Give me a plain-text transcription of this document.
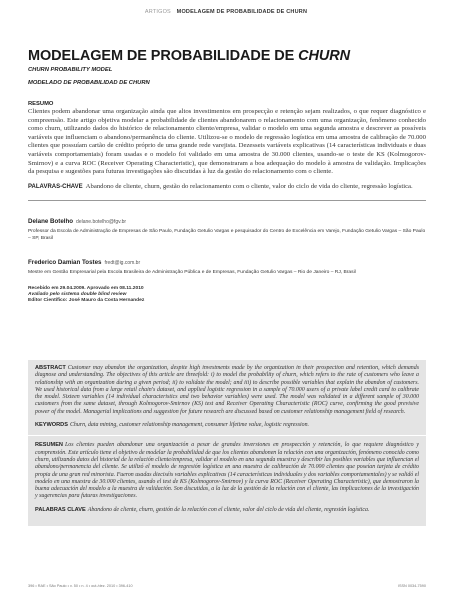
ARTIGOS MODELAGEM DE PROBABILIDADE DE CHURN
MODELAGEM DE PROBABILIDADE DE CHURN

CHURN PROBABILITY MODEL

MODELADO DE PROBABILIDAD DE CHURN

RESUMO
Clientes podem abandonar uma organização ainda que altos investimentos em prospecção e retenção sejam realizados, o que requer diagnóstico e compreensão. Este artigo objetiva modelar a probabilidade de clientes abandonarem o relacionamento com uma organização, fenômeno conhecido como churn, utilizando dados do histórico de relacionamento cliente/empresa, validar o modelo em uma segunda amostra e descrever as possíveis variáveis que influenciam o abandono/permanência do cliente. Utilizou-se o modelo de regressão logística em uma amostra de calibração de 70.000 clientes que possuíam cartão de crédito próprio de uma grande rede varejista. Dezesseis variáveis explicativas (14 características individuais e duas variáveis comportamentais) foram usadas e o modelo foi validado em uma amostra de 30.000 clientes, usando-se o teste de KS (Kolmogorov-Smirnov) e a curva ROC (Receiver Operating Characteristic), que demonstraram a boa adequação do modelo à amostra de validação. Implicações da pesquisa e sugestões para futuras investigações são discutidas à luz da gestão do relacionamento com o cliente.
PALAVRAS-CHAVE Abandono de cliente, churn, gestão do relacionamento com o cliente, valor do ciclo de vida do cliente, regressão logística.
Delane Botelho delane.botelho@fgv.br
Professor da Escola de Administração de Empresas de São Paulo, Fundação Getulio Vargas e pesquisador do Centro de Excelência em Varejo, Fundação Getulio Vargas – São Paulo – SP, Brasil
Frederico Damian Tostes fredt@ig.com.br
Mestre em Gestão Empresarial pela Escola Brasileira de Administração Pública e de Empresas, Fundação Getulio Vargas – Rio de Janeiro – RJ, Brasil
Recebido em 29.04.2009. Aprovado em 08.11.2010
Avaliado pelo sistema double blind review
Editor Científico: José Mauro da Costa Hernandez
ABSTRACT Customer may abandon the organization, despite high investments made by the organization in their prospection and retention, which demands diagnose and understanding. The objectives of this article are threefold: i) to model the probability of churn, which refers to the rate of customers who leave a relationship with an organization during a given period; ii) to validate the model; and iii) to describe possible variables that explain the abandon of customers. We used historical data from a large retail chain's dataset, and applied logistic regression in a sample of 70.000 users of a private label credit card to calibrate the model. Sixteen variables (14 individual characteristics and two behavior variables) were used. The model was validated in a different sample of 30.000 customers from the same dataset, through Kolmogorov-Smirnov (KS) test and Receiver Operating Characteristic (ROC) curve, confirming the good previsive power of the model. Managerial implications and suggestion for future research are discussed based on customer relationship management field of research.
KEYWORDS Churn, data mining, customer relationship management, consumer lifetime value, logistic regression.
RESUMEN Los clientes pueden abandonar una organización a pesar de grandes inversiones en prospección y retención, lo que requiere diagnóstico y comprensión. Este artículo tiene el objetivo de modelar la probabilidad de que los clientes abandonen la relación con una organización, fenómeno conocido como churn, utilizando datos del historial de la relación cliente/empresa, validar el modelo en una segunda muestra y describir las posibles variables que influencian el abandono/permanencia del cliente. Se utilizó el modelo de regresión logística en una muestra de calibración de 70.000 clientes que poseían tarjeta de crédito propia de una gran red minorista. Fueron usadas dieciséis variables explicativas (14 características individuales y dos variables comportamentales) y se validó el modelo en una muestra de 30.000 clientes, usando el test de KS (Kolmogorov-Smirnov) y la curva ROC (Receiver Operating Characteristic), que demostraron la buena adecuación del modelo a la muestra de validación. Son discutidas, a la luz de la gestión de la relación con el cliente, las implicaciones de la investigación y sugerencias para futuras investigaciones.
PALABRAS CLAVE Abandono de cliente, churn, gestión de la relación con el cliente, valor del ciclo de vida del cliente, regresión logística.
396 • RAE • São Paulo • v. 50 • n. 4 • out./dez. 2010 • 396-410	ISSN 0034-7590
